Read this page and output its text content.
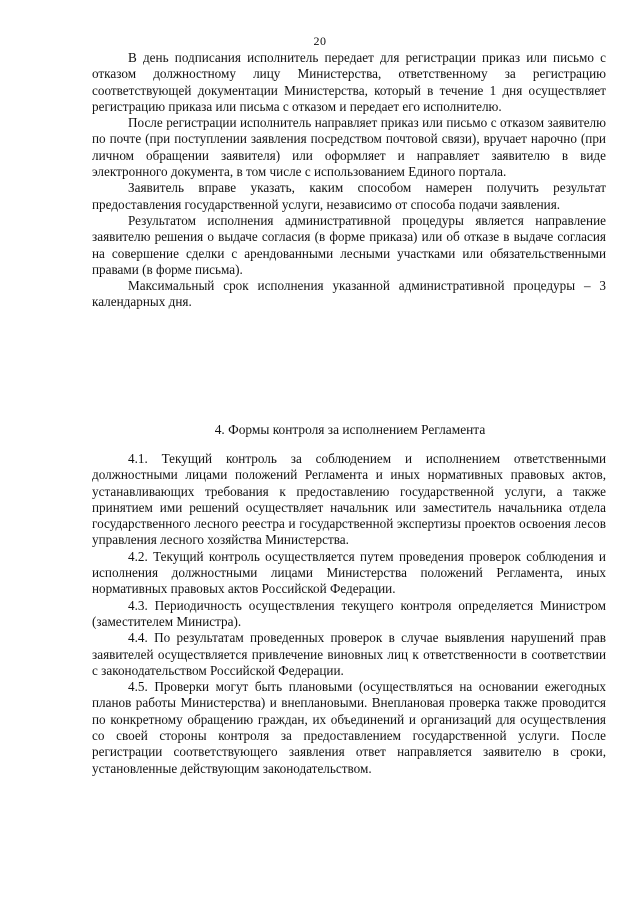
20

В день подписания исполнитель передает для регистрации приказ или письмо с отказом должностному лицу Министерства, ответственному за регистрацию соответствующей документации Министерства, который в течение 1 дня осуществляет регистрацию приказа или письма с отказом и передает его исполнителю.

После регистрации исполнитель направляет приказ или письмо с отказом заявителю по почте (при поступлении заявления посредством почтовой связи), вручает нарочно (при личном обращении заявителя) или оформляет и направляет заявителю в виде электронного документа, в том числе с использованием Единого портала.

Заявитель вправе указать, каким способом намерен получить результат предоставления государственной услуги, независимо от способа подачи заявления.

Результатом исполнения административной процедуры является направление заявителю решения о выдаче согласия (в форме приказа) или об отказе в выдаче согласия на совершение сделки с арендованными лесными участками или обязательственными правами (в форме письма).

Максимальный срок исполнения указанной административной процедуры – 3 календарных дня.

4. Формы контроля за исполнением Регламента

4.1. Текущий контроль за соблюдением и исполнением ответственными должностными лицами положений Регламента и иных нормативных правовых актов, устанавливающих требования к предоставлению государственной услуги, а также принятием ими решений осуществляет начальник или заместитель начальника отдела государственного лесного реестра и государственной экспертизы проектов освоения лесов управления лесного хозяйства Министерства.

4.2. Текущий контроль осуществляется путем проведения проверок соблюдения и исполнения должностными лицами Министерства положений Регламента, иных нормативных правовых актов Российской Федерации.

4.3. Периодичность осуществления текущего контроля определяется Министром (заместителем Министра).

4.4. По результатам проведенных проверок в случае выявления нарушений прав заявителей осуществляется привлечение виновных лиц к ответственности в соответствии с законодательством Российской Федерации.

4.5. Проверки могут быть плановыми (осуществляться на основании ежегодных планов работы Министерства) и внеплановыми. Внеплановая проверка также проводится по конкретному обращению граждан, их объединений и организаций для осуществления со своей стороны контроля за предоставлением государственной услуги. После регистрации соответствующего заявления ответ направляется заявителю в сроки, установленные действующим законодательством.
